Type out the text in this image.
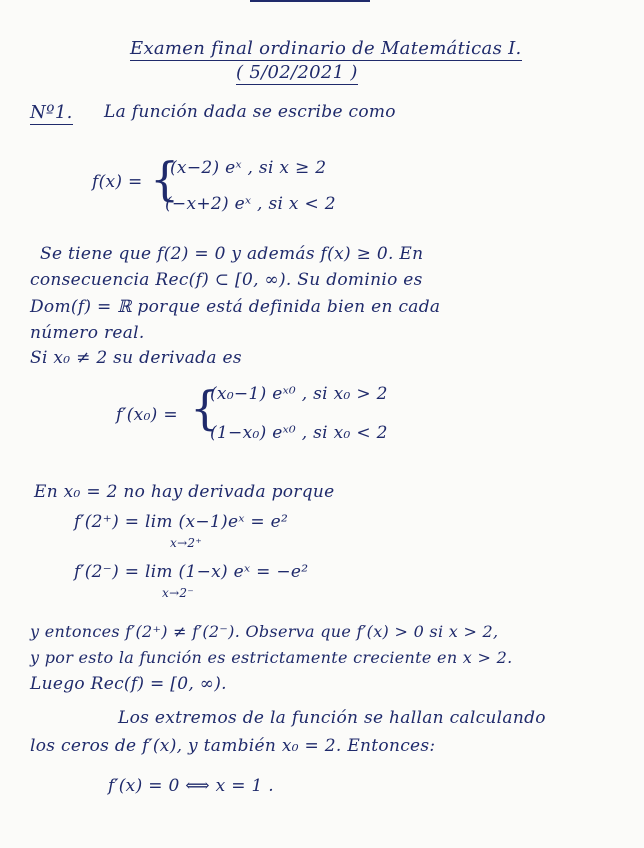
Examen final ordinario de Matemáticas I.
( 5/02/2021 )
Nº1. La función dada se escribe como
f(x) = {
(x−2) eˣ , si x ≥ 2
(−x+2) eˣ , si x < 2
Se tiene que f(2) = 0 y además f(x) ≥ 0. En
consecuencia Rec(f) ⊂ [0, ∞). Su dominio es
Dom(f) = ℝ porque está definida bien en cada
número real.
Si x₀ ≠ 2 su derivada es
f′(x₀) = {
(x₀−1) eˣ⁰ , si x₀ > 2
(1−x₀) eˣ⁰ , si x₀ < 2
En x₀ = 2 no hay derivada porque
f′(2⁺) = lim (x−1)eˣ = e²
x→2⁺
f′(2⁻) = lim (1−x) eˣ = −e²
x→2⁻
y entonces f′(2⁺) ≠ f′(2⁻). Observa que f′(x) > 0 si x > 2,
y por esto la función es estrictamente creciente en x > 2.
Luego Rec(f) = [0, ∞).
Los extremos de la función se hallan calculando
los ceros de f′(x), y también x₀ = 2. Entonces:
f′(x) = 0 ⟺ x = 1 .
